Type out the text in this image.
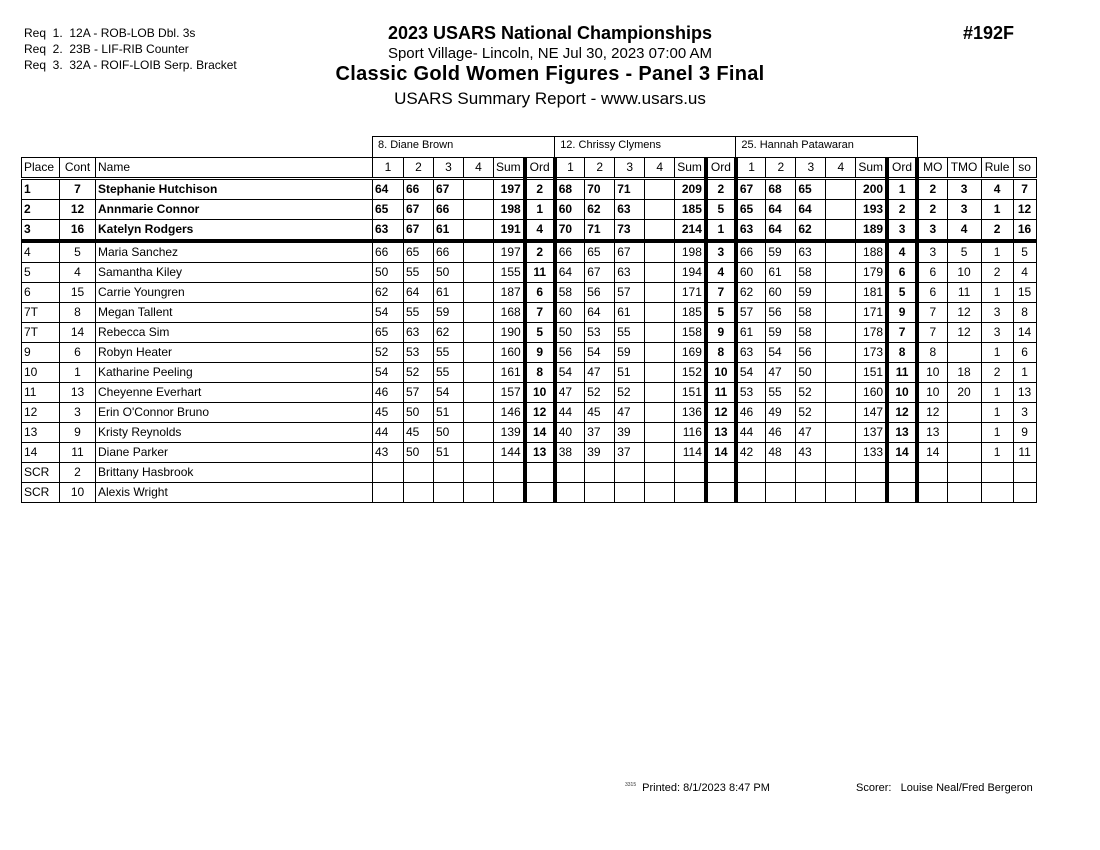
Req  1.  12A - ROB-LOB Dbl. 3s
Req  2.  23B - LIF-RIB Counter
Req  3.  32A - ROIF-LOIB Serp. Bracket
2023 USARS National Championships
Sport Village- Lincoln, NE Jul 30, 2023 07:00 AM
Classic Gold Women Figures - Panel 3 Final
USARS Summary Report - www.usars.us
#192F
			8. Diane Brown						12. Chrissy Clymens						25. Hannah Patawaran									
Place	Cont	Name	1	2	3	4	Sum	Ord	1	2	3	4	Sum	Ord	1	2	3	4	Sum	Ord	MO	TMO	Rule	so
1	7	Stephanie Hutchison	64	66	67		197	2	68	70	71		209	2	67	68	65		200	1	2	3	4	7
2	12	Annmarie Connor	65	67	66		198	1	60	62	63		185	5	65	64	64		193	2	2	3	1	12
3	16	Katelyn Rodgers	63	67	61		191	4	70	71	73		214	1	63	64	62		189	3	3	4	2	16
4	5	Maria Sanchez	66	65	66		197	2	66	65	67		198	3	66	59	63		188	4	3	5	1	5
5	4	Samantha Kiley	50	55	50		155	11	64	67	63		194	4	60	61	58		179	6	6	10	2	4
6	15	Carrie Youngren	62	64	61		187	6	58	56	57		171	7	62	60	59		181	5	6	11	1	15
7T	8	Megan Tallent	54	55	59		168	7	60	64	61		185	5	57	56	58		171	9	7	12	3	8
7T	14	Rebecca Sim	65	63	62		190	5	50	53	55		158	9	61	59	58		178	7	7	12	3	14
9	6	Robyn Heater	52	53	55		160	9	56	54	59		169	8	63	54	56		173	8	8		1	6
10	1	Katharine Peeling	54	52	55		161	8	54	47	51		152	10	54	47	50		151	11	10	18	2	1
11	13	Cheyenne Everhart	46	57	54		157	10	47	52	52		151	11	53	55	52		160	10	10	20	1	13
12	3	Erin O'Connor Bruno	45	50	51		146	12	44	45	47		136	12	46	49	52		147	12	12		1	3
13	9	Kristy Reynolds	44	45	50		139	14	40	37	39		116	13	44	46	47		137	13	13		1	9
14	11	Diane Parker	43	50	51		144	13	38	39	37		114	14	42	48	43		133	14	14		1	11
SCR	2	Brittany Hasbrook																						
SCR	10	Alexis Wright																						
$^{3315}$ Printed: 8/1/2023 8:47 PM	Scorer:   Louise Neal/Fred Bergeron
